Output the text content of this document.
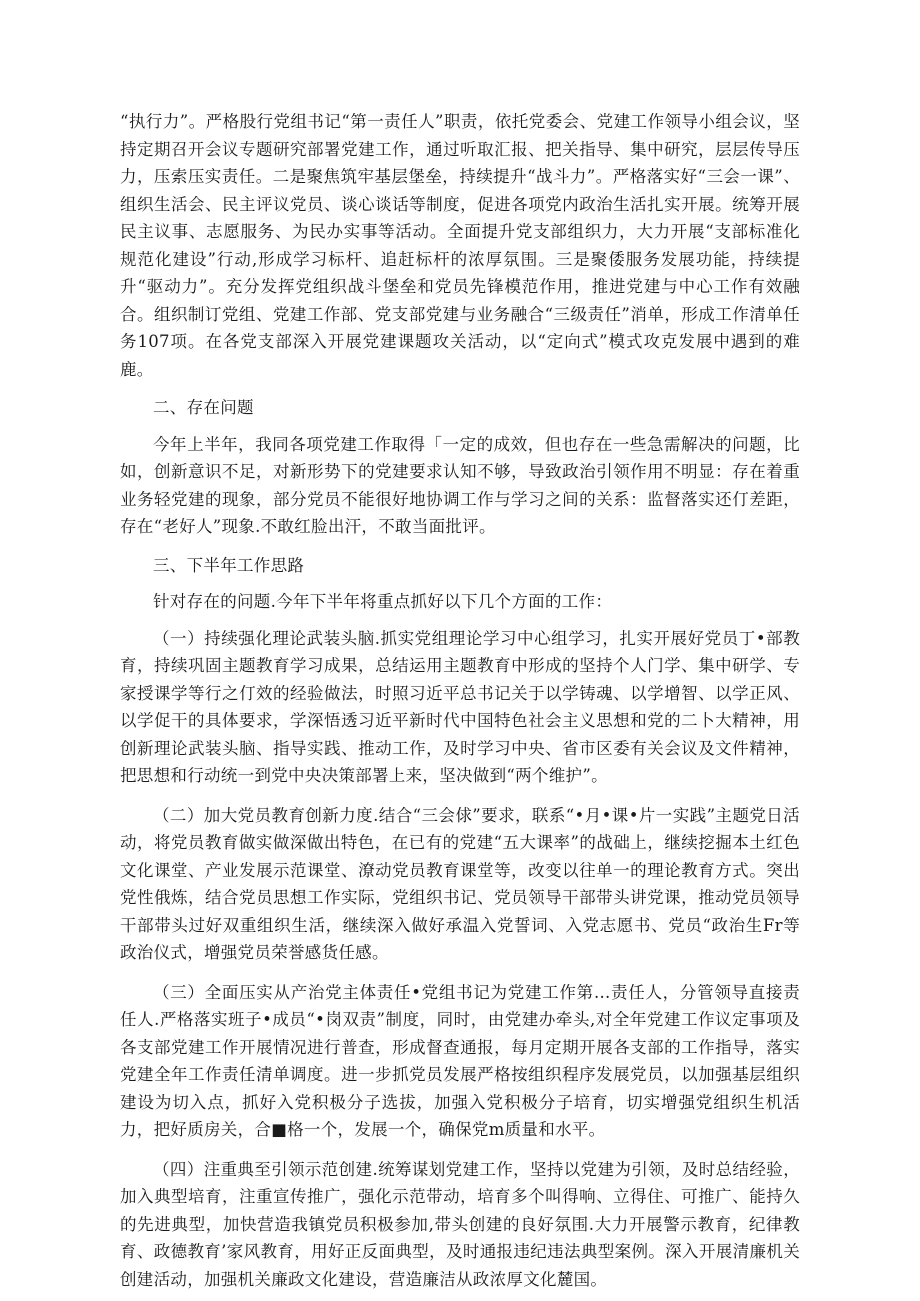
“执行力”。严格股行党组书记“第一责任人”职责，依托党委会、党建工作领导小组会议，坚持定期召开会议专题研究部署党建工作，通过听取汇报、把关指导、集中研究，层层传导压力，压索压实责任。二是聚焦筑牢基层堡垒，持续提升“战斗力”。严格落实好“三会一课”、组织生活会、民主评议党员、谈心谈话等制度，促进各项党内政治生活扎实开展。统筹开展民主议事、志愿服务、为民办实事等活动。全面提升党支部组织力，大力开展“支部标准化规范化建设”行动,形成学习标杆、追赶标杆的浓厚氛围。三是聚倭服务发展功能，持续提升“驱动力”。充分发挥党组织战斗堡垒和党员先锋模范作用，推进党建与中心工作有效融合。组织制订党组、党建工作部、党支部党建与业务融合“三级责任”消单，形成工作清单任务107项。在各党支部深入开展党建课题攻关活动，以“定向式”模式攻克发展中遇到的难鹿。

二、存在问题

今年上半年，我同各项党建工作取得「一定的成效，但也存在一些急需解决的问题，比如，创新意识不足，对新形势下的党建要求认知不够，导致政治引领作用不明显：存在着重业务轻党建的现象，部分党员不能很好地协调工作与学习之间的关系：监督落实还仃差距，存在“老好人”现象.不敢红脸出汗，不敢当面批评。

三、下半年工作思路

针对存在的问题.今年下半年将重点抓好以下几个方面的工作：

（一）持续强化理论武装头脑.抓实党组理论学习中心组学习，扎实开展好党员丁•部教育，持续巩固主题教育学习成果，总结运用主题教育中形成的坚持个人门学、集中研学、专家授课学等行之仃效的经验做法，时照习近平总书记关于以学铸魂、以学增智、以学正风、以学促干的具体要求，学深悟透习近平新时代中国特色社会主义思想和党的二卜大精神，用创新理论武装头脑、指导实践、推动工作，及时学习中央、省市区委有关会议及文件精神，把思想和行动统一到党中央决策部署上来，坚决做到“两个维护”。

（二）加大党员教育创新力度.结合“三会俅”要求，联系“•月•课•片一实践”主题党日活动，将党员教育做实做深做出特色，在已有的党建“五大课率”的战础上，继续挖掘本土红色文化课堂、产业发展示范课堂、潦动党员教育课堂等，改变以往单一的理论教育方式。突出党性俄炼，结合党员思想工作实际，党组织书记、党员领导干部带头讲党课，推动党员领导干部带头过好双重组织生活，继续深入做好承温入党誓词、入党志愿书、党员“政治生Fr等政治仪式，增强党员荣誉感货任感。

（三）全面压实从产治党主体责任•党组书记为党建工作第…责任人，分管领导直接责任人.严格落实班子•成员“•岗双责”制度，同时，由党建办牵头,对全年党建工作议定事项及各支部党建工作开展情况进行普查，形成督查通报，每月定期开展各支部的工作指导，落实党建全年工作责任清单调度。进一步抓党员发展严格按组织程序发展党员，以加强基层组织建设为切入点，抓好入党积极分子选拔，加强入党积极分子培育，切实增强党组织生机活力，把好质房关，合■格一个，发展一个，确保党m质量和水平。

（四）注重典至引领示范创建.统筹谋划党建工作，坚持以党建为引领，及时总结经验，加入典型培育，注重宣传推广，强化示范带动，培育多个叫得响、立得住、可推广、能持久的先进典型，加快营造我镇党员积极参加,带头创建的良好氛围.大力开展警示教育，纪律教育、政德教育’家风教育，用好正反面典型，及时通报违纪违法典型案例。深入开展清廉机关创建活动，加强机关廉政文化建设，营造廉洁从政浓厚文化麓国。
